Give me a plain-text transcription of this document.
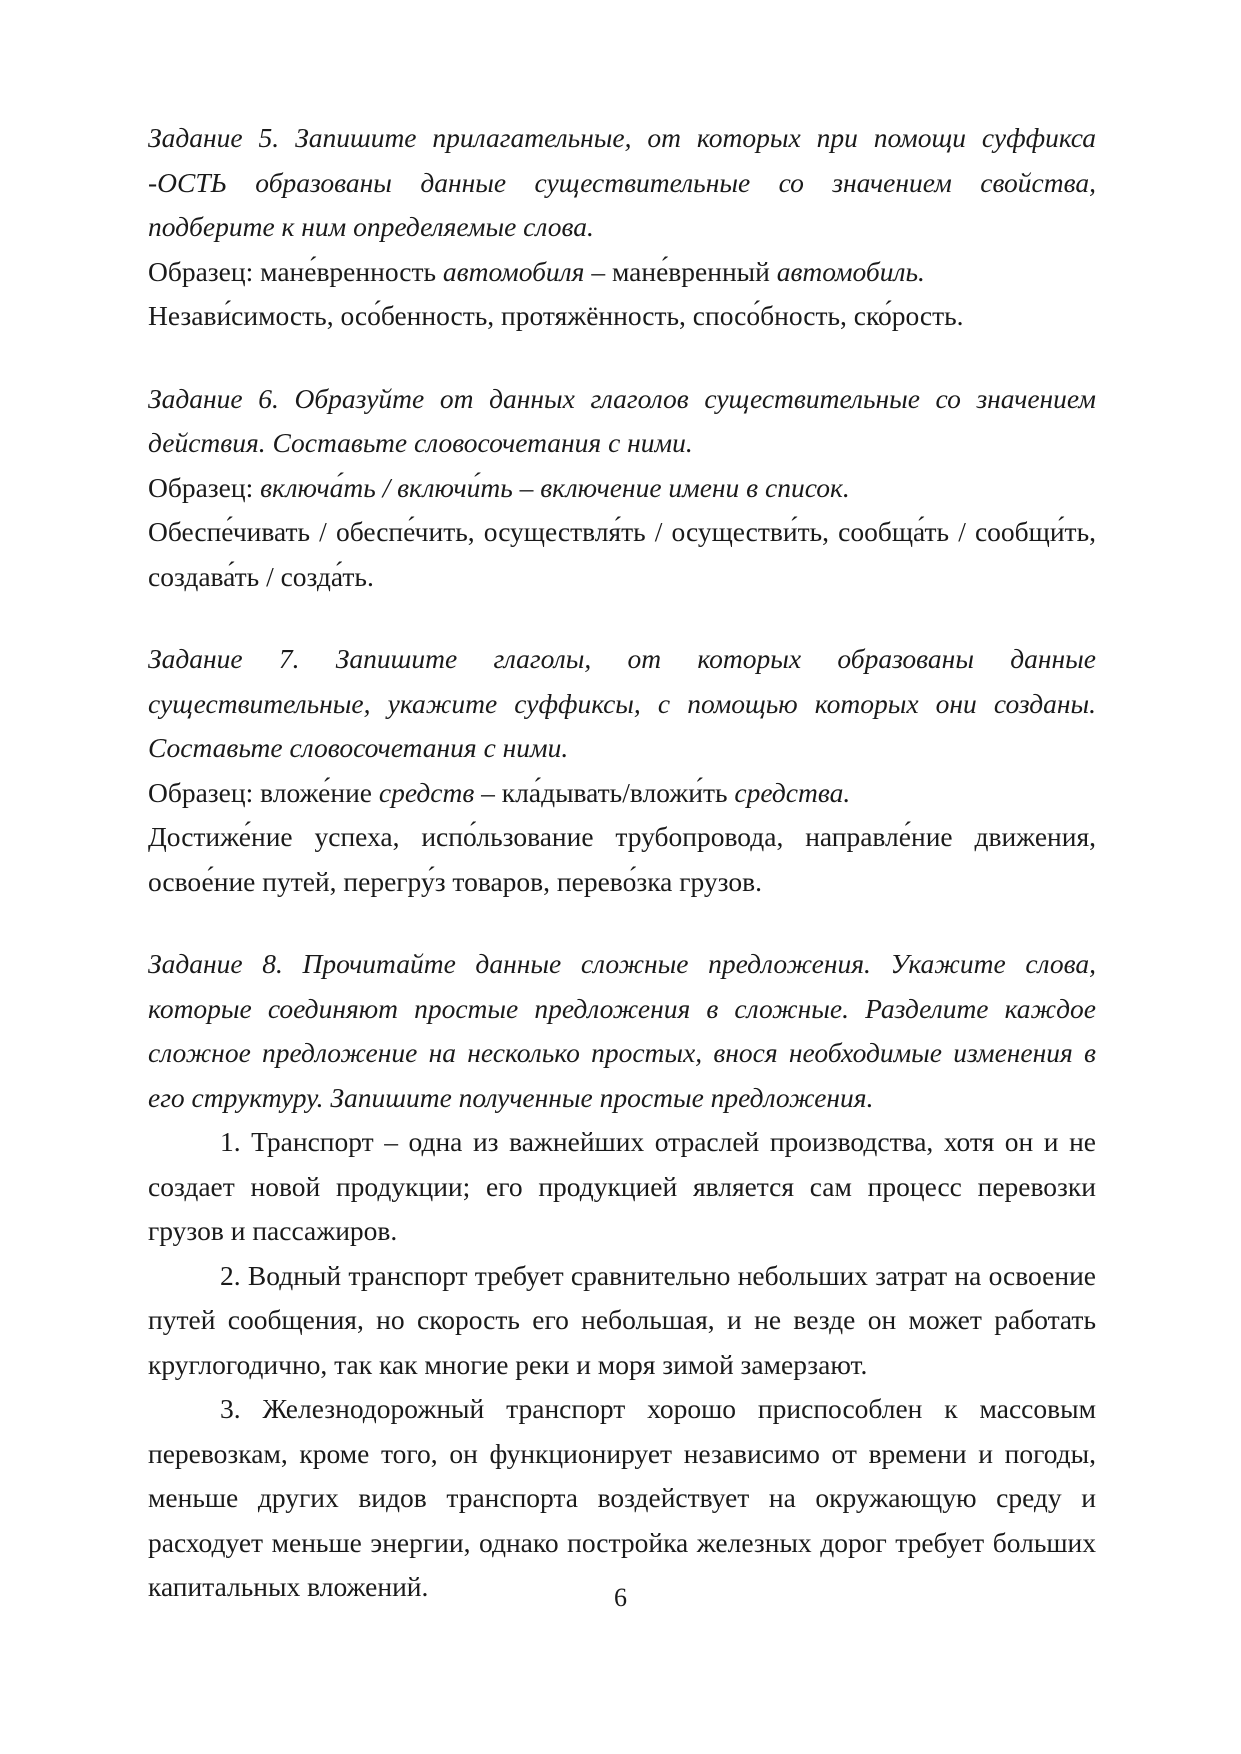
Задание 5. Запишите прилагательные, от которых при помощи суффикса -ОСТЬ образованы данные существительные со значением свойства, подберите к ним определяемые слова.

Образец: мане́вренность автомобиля – мане́вренный автомобиль.

Незави́симость, осо́бенность, протяжённость, спосо́бность, ско́рость.

Задание 6. Образуйте от данных глаголов существительные со значением действия. Составьте словосочетания с ними.

Образец: включа́ть / включи́ть – включение имени в список.

Обеспе́чивать / обеспе́чить, осуществля́ть / осуществи́ть, сообща́ть / сообщи́ть, создава́ть / созда́ть.

Задание 7. Запишите глаголы, от которых образованы данные существительные, укажите суффиксы, с помощью которых они созданы. Составьте словосочетания с ними.

Образец: вложе́ние средств – кла́дывать/вложи́ть средства.

Достиже́ние успеха, испо́льзование трубопровода, направле́ние движения, освое́ние путей, перегру́з товаров, перево́зка грузов.

Задание 8. Прочитайте данные сложные предложения. Укажите слова, которые соединяют простые предложения в сложные. Разделите каждое сложное предложение на несколько простых, внося необходимые изменения в его структуру. Запишите полученные простые предложения.

1. Транспорт – одна из важнейших отраслей производства, хотя он и не создает новой продукции; его продукцией является сам процесс перевозки грузов и пассажиров.

2. Водный транспорт требует сравнительно небольших затрат на освоение путей сообщения, но скорость его небольшая, и не везде он может работать круглогодично, так как многие реки и моря зимой замерзают.

3. Железнодорожный транспорт хорошо приспособлен к массовым перевозкам, кроме того, он функционирует независимо от времени и погоды, меньше других видов транспорта воздействует на окружающую среду и расходует меньше энергии, однако постройка железных дорог требует больших капитальных вложений.	6
